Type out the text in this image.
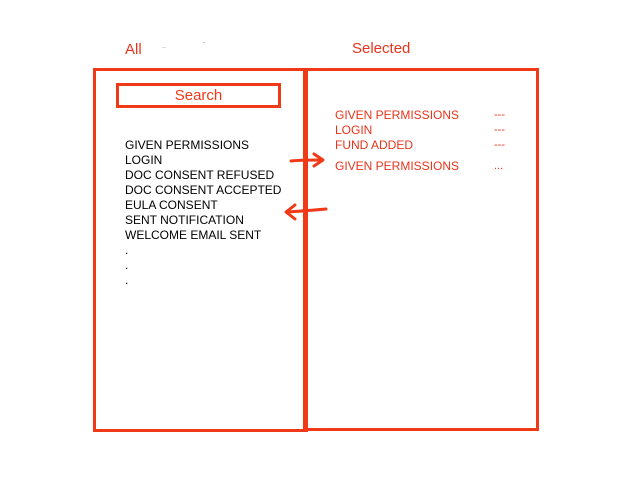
All	..	-	Selected
Search
GIVEN PERMISSIONS
LOGIN
DOC CONSENT REFUSED
DOC CONSENT ACCEPTED
EULA CONSENT
SENT NOTIFICATION
WELCOME EMAIL SENT
.
.
.
GIVEN PERMISSIONS	---
LOGIN	---
FUND ADDED	---
GIVEN PERMISSIONS	...
